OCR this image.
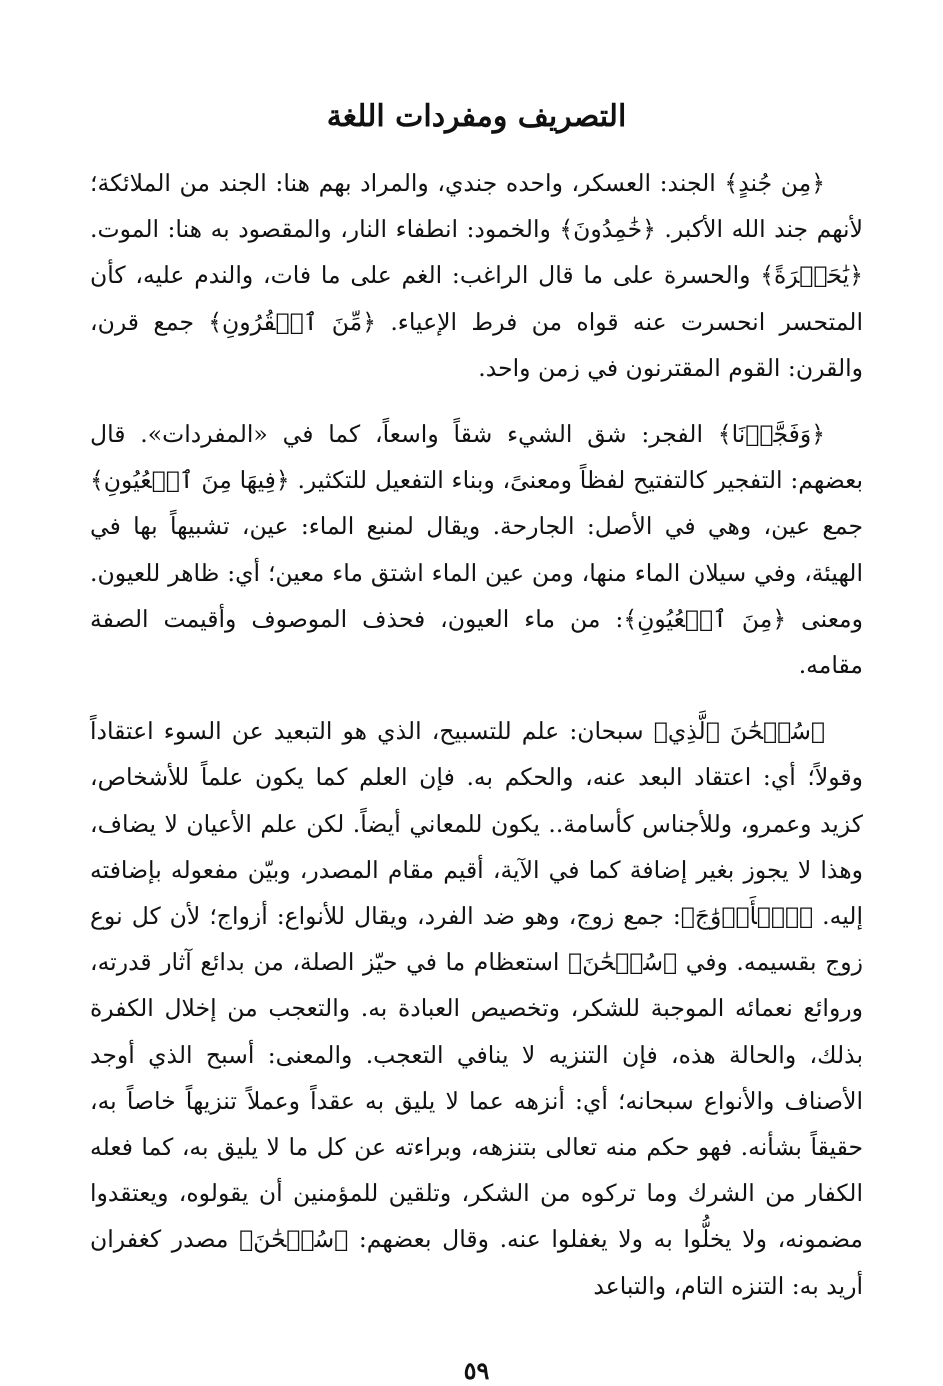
التصريف ومفردات اللغة

﴿مِن جُندٍ﴾ الجند: العسكر، واحده جندي، والمراد بهم هنا: الجند من الملائكة؛ لأنهم جند الله الأكبر. ﴿خَٰمِدُونَ﴾ والخمود: انطفاء النار، والمقصود به هنا: الموت. ﴿يَٰحَسۡرَةً﴾ والحسرة على ما قال الراغب: الغم على ما فات، والندم عليه، كأن المتحسر انحسرت عنه قواه من فرط الإعياء. ﴿مِّنَ ٱلۡقُرُونِ﴾ جمع قرن، والقرن: القوم المقترنون في زمن واحد.

﴿وَفَجَّرۡنَا﴾ الفجر: شق الشيء شقاً واسعاً، كما في «المفردات». قال بعضهم: التفجير كالتفتيح لفظاً ومعنىً، وبناء التفعيل للتكثير. ﴿فِيهَا مِنَ ٱلۡعُيُونِ﴾ جمع عين، وهي في الأصل: الجارحة. ويقال لمنبع الماء: عين، تشبيهاً بها في الهيئة، وفي سيلان الماء منها، ومن عين الماء اشتق ماء معين؛ أي: ظاهر للعيون. ومعنى ﴿مِنَ ٱلۡعُيُونِ﴾: من ماء العيون، فحذف الموصوف وأقيمت الصفة مقامه.

﴿سُبۡحَٰنَ ٱلَّذِي﴾ سبحان: علم للتسبيح، الذي هو التبعيد عن السوء اعتقاداً وقولاً؛ أي: اعتقاد البعد عنه، والحكم به. فإن العلم كما يكون علماً للأشخاص، كزيد وعمرو، وللأجناس كأسامة.. يكون للمعاني أيضاً. لكن علم الأعيان لا يضاف، وهذا لا يجوز بغير إضافة كما في الآية، أقيم مقام المصدر، وبيّن مفعوله بإضافته إليه. ﴿ٱلۡأَزۡوَٰجَ﴾: جمع زوج، وهو ضد الفرد، ويقال للأنواع: أزواج؛ لأن كل نوع زوج بقسيمه. وفي ﴿سُبۡحَٰنَ﴾ استعظام ما في حيّز الصلة، من بدائع آثار قدرته، وروائع نعمائه الموجبة للشكر، وتخصيص العبادة به. والتعجب من إخلال الكفرة بذلك، والحالة هذه، فإن التنزيه لا ينافي التعجب. والمعنى: أسبح الذي أوجد الأصناف والأنواع سبحانه؛ أي: أنزهه عما لا يليق به عقداً وعملاً تنزيهاً خاصاً به، حقيقاً بشأنه. فهو حكم منه تعالى بتنزهه، وبراءته عن كل ما لا يليق به، كما فعله الكفار من الشرك وما تركوه من الشكر، وتلقين للمؤمنين أن يقولوه، ويعتقدوا مضمونه، ولا يخلُّوا به ولا يغفلوا عنه. وقال بعضهم: ﴿سُبۡحَٰنَ﴾ مصدر كغفران أريد به: التنزه التام، والتباعد

٥٩
